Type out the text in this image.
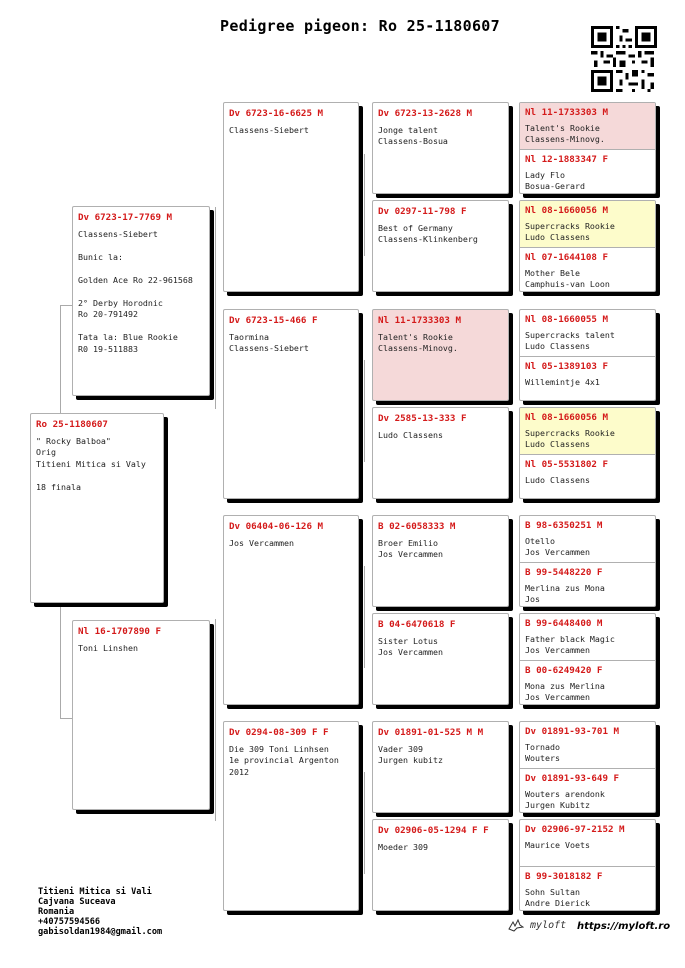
Pedigree pigeon: Ro 25-1180607
Ro 25-1180607
" Rocky Balboa"
Orig
Titieni Mitica si Valy

18 finala
Dv 6723-17-7769 M
Classens-Siebert

Bunic la:

Golden Ace Ro 22-961568

2° Derby Horodnic
Ro 20-791492

Tata la: Blue Rookie
R0 19-511883
Nl 16-1707890 F
Toni Linshen
Dv 6723-16-6625 M
Classens-Siebert
Dv 6723-15-466 F
Taormina
Classens-Siebert
Dv 06404-06-126 M
Jos Vercammen
Dv 0294-08-309 F F
Die 309 Toni Linhsen
1e provincial Argenton
2012
Dv 6723-13-2628 M
Jonge talent
Classens-Bosua
Dv 0297-11-798 F
Best of Germany
Classens-Klinkenberg
Nl 11-1733303 M
Talent's Rookie
Classens-Minovg.
Dv 2585-13-333 F
Ludo Classens
B 02-6058333 M
Broer Emilio
Jos Vercammen
B 04-6470618 F
Sister Lotus
Jos Vercammen
Dv 01891-01-525 M M
Vader 309
Jurgen kubitz
Dv 02906-05-1294 F F
Moeder 309
Nl 11-1733303 M
Talent's Rookie
Classens-Minovg.
Nl 12-1883347 F
Lady Flo
Bosua-Gerard
Nl 08-1660056 M
Supercracks Rookie
Ludo Classens
Nl 07-1644108 F
Mother Bele
Camphuis-van Loon
Nl 08-1660055 M
Supercracks talent
Ludo Classens
Nl 05-1389103 F
Willemintje 4x1
Nl 08-1660056 M
Supercracks Rookie
Ludo Classens
Nl 05-5531802 F
Ludo Classens
B 98-6350251 M
Otello
Jos Vercammen
B 99-5448220 F
Merlina zus Mona
Jos
B 99-6448400 M
Father black Magic
Jos Vercammen
B 00-6249420 F
Mona zus Merlina
Jos Vercammen
Dv 01891-93-701 M
Tornado
Wouters
Dv 01891-93-649 F
Wouters arendonk
Jurgen Kubitz
Dv 02906-97-2152 M
Maurice Voets
B 99-3018182 F
Sohn Sultan
Andre Dierick
Titieni Mitica si Vali
Cajvana Suceava
Romania
+40757594566
gabisoldan1984@gmail.com
myloft https://myloft.ro
